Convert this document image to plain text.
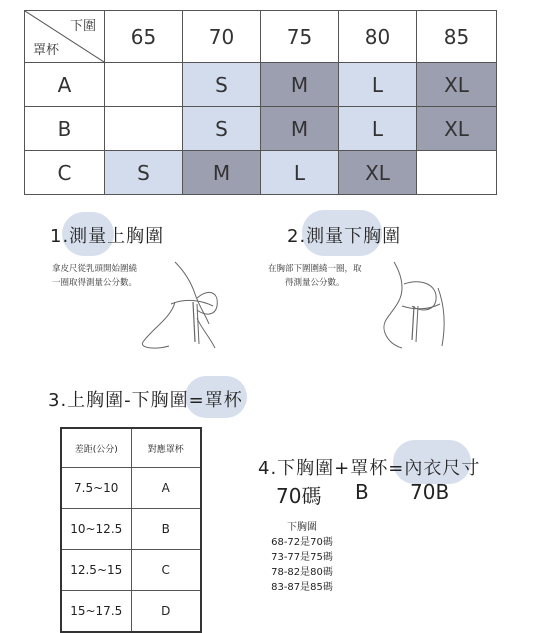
下圍
罩杯	65	70	75	80	85
A		S	M	L	XL
B		S	M	L	XL
C	S	M	L	XL	
1.測量上胸圍
拿皮尺從乳頭開始圍繞
一圈取得測量公分數。
2.測量下胸圍
在胸部下圍圍繞一圈，取
得測量公分數。
3.上胸圍-下胸圍=罩杯
差距(公分)	對應罩杯
7.5~10	A
10~12.5	B
12.5~15	C
15~17.5	D
4.下胸圍+罩杯=內衣尺寸
70碼 B 70B
下胸圍
68-72是70碼
73-77是75碼
78-82是80碼
83-87是85碼
